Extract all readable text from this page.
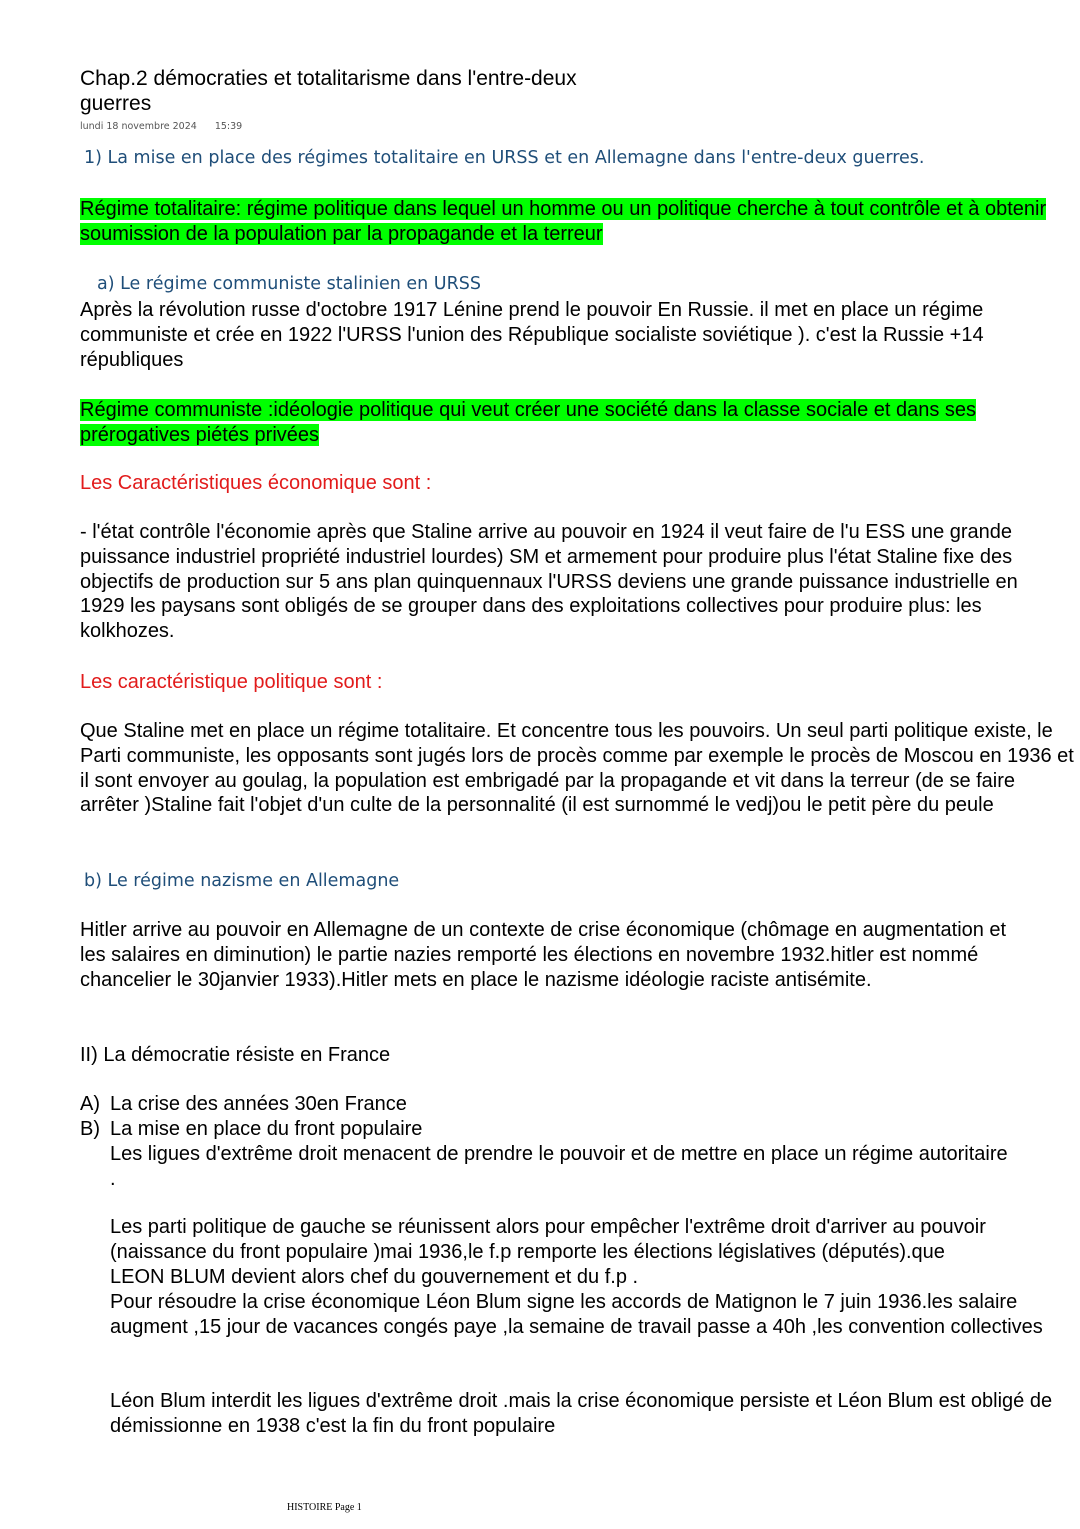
Chap.2 démocraties et totalitarisme dans l'entre-deux guerres
lundi 18 novembre 2024 15:39
1) La mise en place des régimes totalitaire en URSS et en Allemagne dans l'entre-deux guerres.
Régime totalitaire: régime politique dans lequel un homme ou un politique cherche à tout contrôle et à obtenir soumission de la population par la propagande et la terreur
a) Le régime communiste stalinien en URSS
Après la révolution russe d'octobre 1917 Lénine prend le pouvoir En Russie. il met en place un régime communiste et crée en 1922 l'URSS l'union des République socialiste soviétique ). c'est la Russie +14 républiques
Régime communiste :idéologie politique qui veut créer une société dans la classe sociale et dans ses prérogatives piétés privées
Les Caractéristiques économique sont :
- l'état contrôle l'économie après que Staline arrive au pouvoir en 1924 il veut faire de l'u ESS une grande puissance industriel propriété industriel lourdes) SM et armement pour produire plus l'état Staline fixe des objectifs de production sur 5 ans plan quinquennaux l'URSS deviens une grande puissance industrielle en 1929 les paysans sont obligés de se grouper dans des exploitations collectives pour produire plus: les kolkhozes.
Les caractéristique politique sont :
Que Staline met en place un régime totalitaire. Et concentre tous les pouvoirs. Un seul parti politique existe, le Parti communiste, les opposants sont jugés lors de procès comme par exemple le procès de Moscou en 1936 et il sont envoyer au goulag, la population est embrigadé par la propagande et vit dans la terreur (de se faire arrêter )Staline fait l'objet d'un culte de la personnalité (il est surnommé le vedj)ou le petit père du peule
b) Le régime nazisme en Allemagne
Hitler arrive au pouvoir en Allemagne de un contexte de crise économique (chômage en augmentation et les salaires en diminution) le partie nazies remporté les élections en novembre 1932.hitler est nommé chancelier le 30janvier 1933).Hitler mets en place le nazisme idéologie raciste antisémite.
II) La démocratie résiste en France
A) La crise des années 30en France
B) La mise en place du front populaire
Les ligues d'extrême droit menacent de prendre le pouvoir et de mettre en place un régime autoritaire .
Les parti politique de gauche se réunissent alors pour empêcher l'extrême droit d'arriver au pouvoir (naissance du front populaire )mai 1936,le f.p remporte les élections législatives (députés).que LEON BLUM devient alors chef du gouvernement et du f.p .
Pour résoudre la crise économique Léon Blum signe les accords de Matignon le 7 juin 1936.les salaire augment ,15 jour de vacances congés paye ,la semaine de travail passe a 40h ,les convention collectives
Léon Blum interdit les ligues d'extrême droit .mais la crise économique persiste et Léon Blum est obligé de démissionne en 1938 c'est la fin du front populaire
HISTOIRE Page 1
